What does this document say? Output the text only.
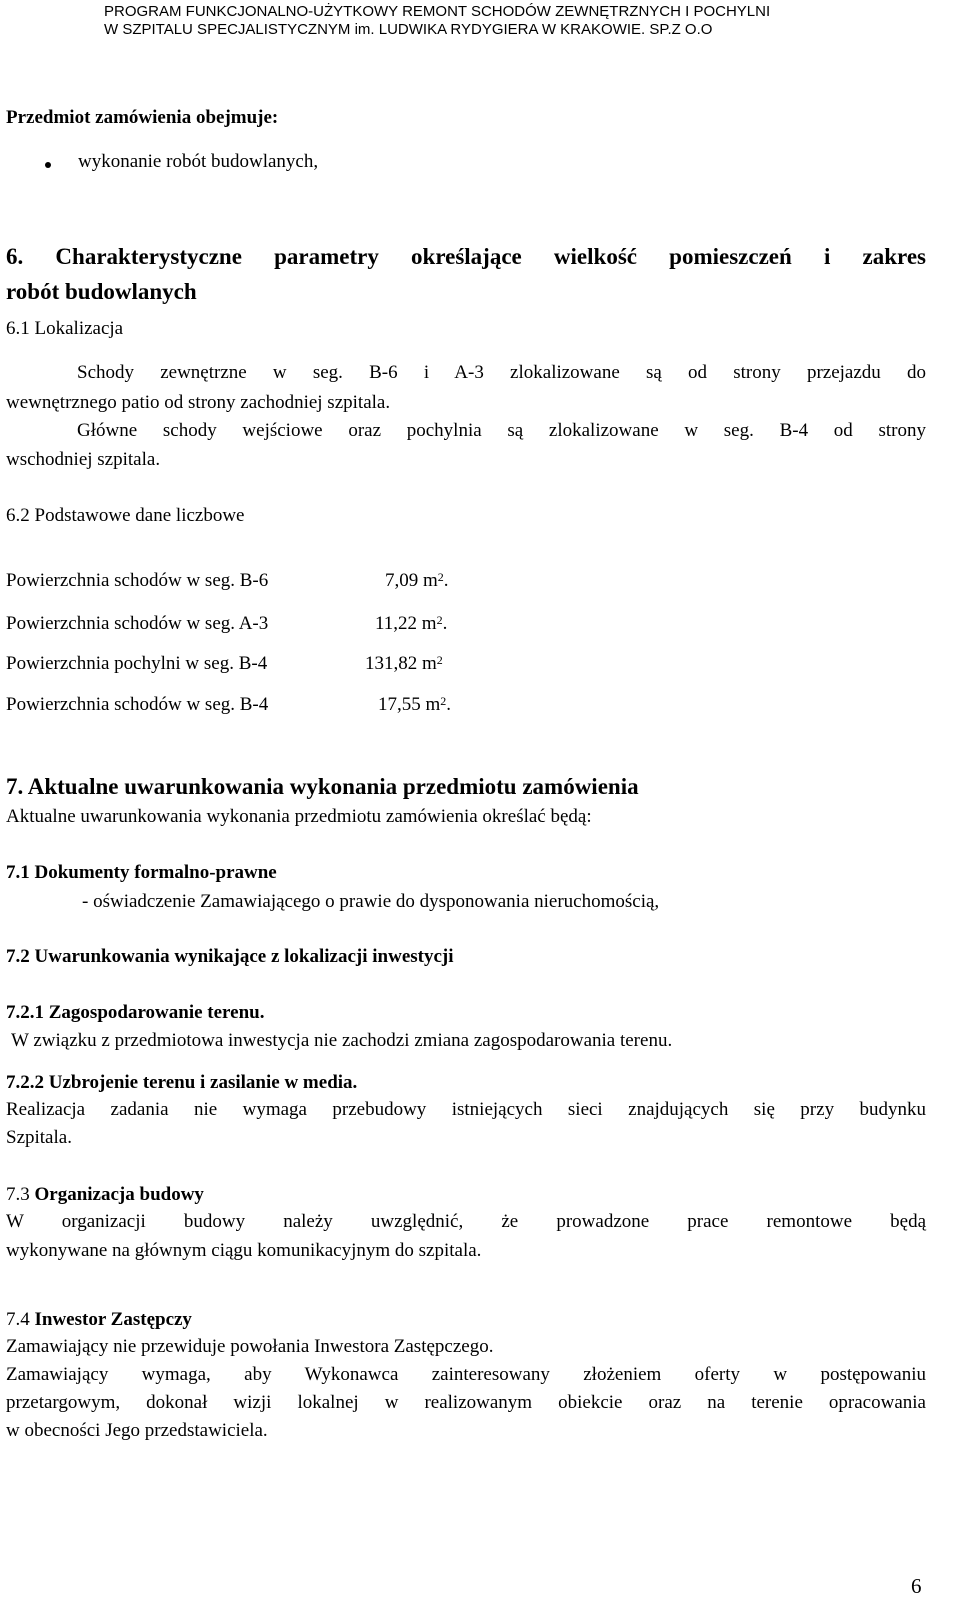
PROGRAM FUNKCJONALNO-UŻYTKOWY REMONT SCHODÓW ZEWNĘTRZNYCH I POCHYLNI
W SZPITALU SPECJALISTYCZNYM im. LUDWIKA RYDYGIERA W KRAKOWIE. SP.Z O.O
Przedmiot zamówienia obejmuje:
wykonanie robót budowlanych,
6. Charakterystyczne parametry określające wielkość pomieszczeń i zakres
robót budowlanych
6.1 Lokalizacja
Schody zewnętrzne w seg. B-6 i A-3 zlokalizowane są od strony przejazdu do
wewnętrznego patio od strony zachodniej szpitala.
Główne schody wejściowe oraz pochylnia są zlokalizowane w seg. B-4 od strony
wschodniej szpitala.
6.2 Podstawowe dane liczbowe
Powierzchnia schodów w seg. B-6	7,09 $m^2$.
Powierzchnia schodów w seg. A-3	11,22 $m^2$.
Powierzchnia pochylni w seg. B-4	131,82 $m^2$
Powierzchnia schodów w seg. B-4	17,55 $m^2$.
7. Aktualne uwarunkowania wykonania przedmiotu zamówienia
Aktualne uwarunkowania wykonania przedmiotu zamówienia określać będą:
7.1 Dokumenty formalno-prawne
- oświadczenie Zamawiającego o prawie do dysponowania nieruchomością,
7.2 Uwarunkowania wynikające z lokalizacji inwestycji
7.2.1 Zagospodarowanie terenu.
W związku z przedmiotowa inwestycja nie zachodzi zmiana zagospodarowania terenu.
7.2.2 Uzbrojenie terenu i zasilanie w media.
Realizacja zadania nie wymaga przebudowy istniejących sieci znajdujących się przy budynku
Szpitala.
7.3 Organizacja budowy
W organizacji budowy należy uwzględnić, że prowadzone prace remontowe będą
wykonywane na głównym ciągu komunikacyjnym do szpitala.
7.4 Inwestor Zastępczy
Zamawiający nie przewiduje powołania Inwestora Zastępczego.
Zamawiający wymaga, aby Wykonawca zainteresowany złożeniem oferty w postępowaniu
przetargowym, dokonał wizji lokalnej w realizowanym obiekcie oraz na terenie opracowania
w obecności Jego przedstawiciela.
6
